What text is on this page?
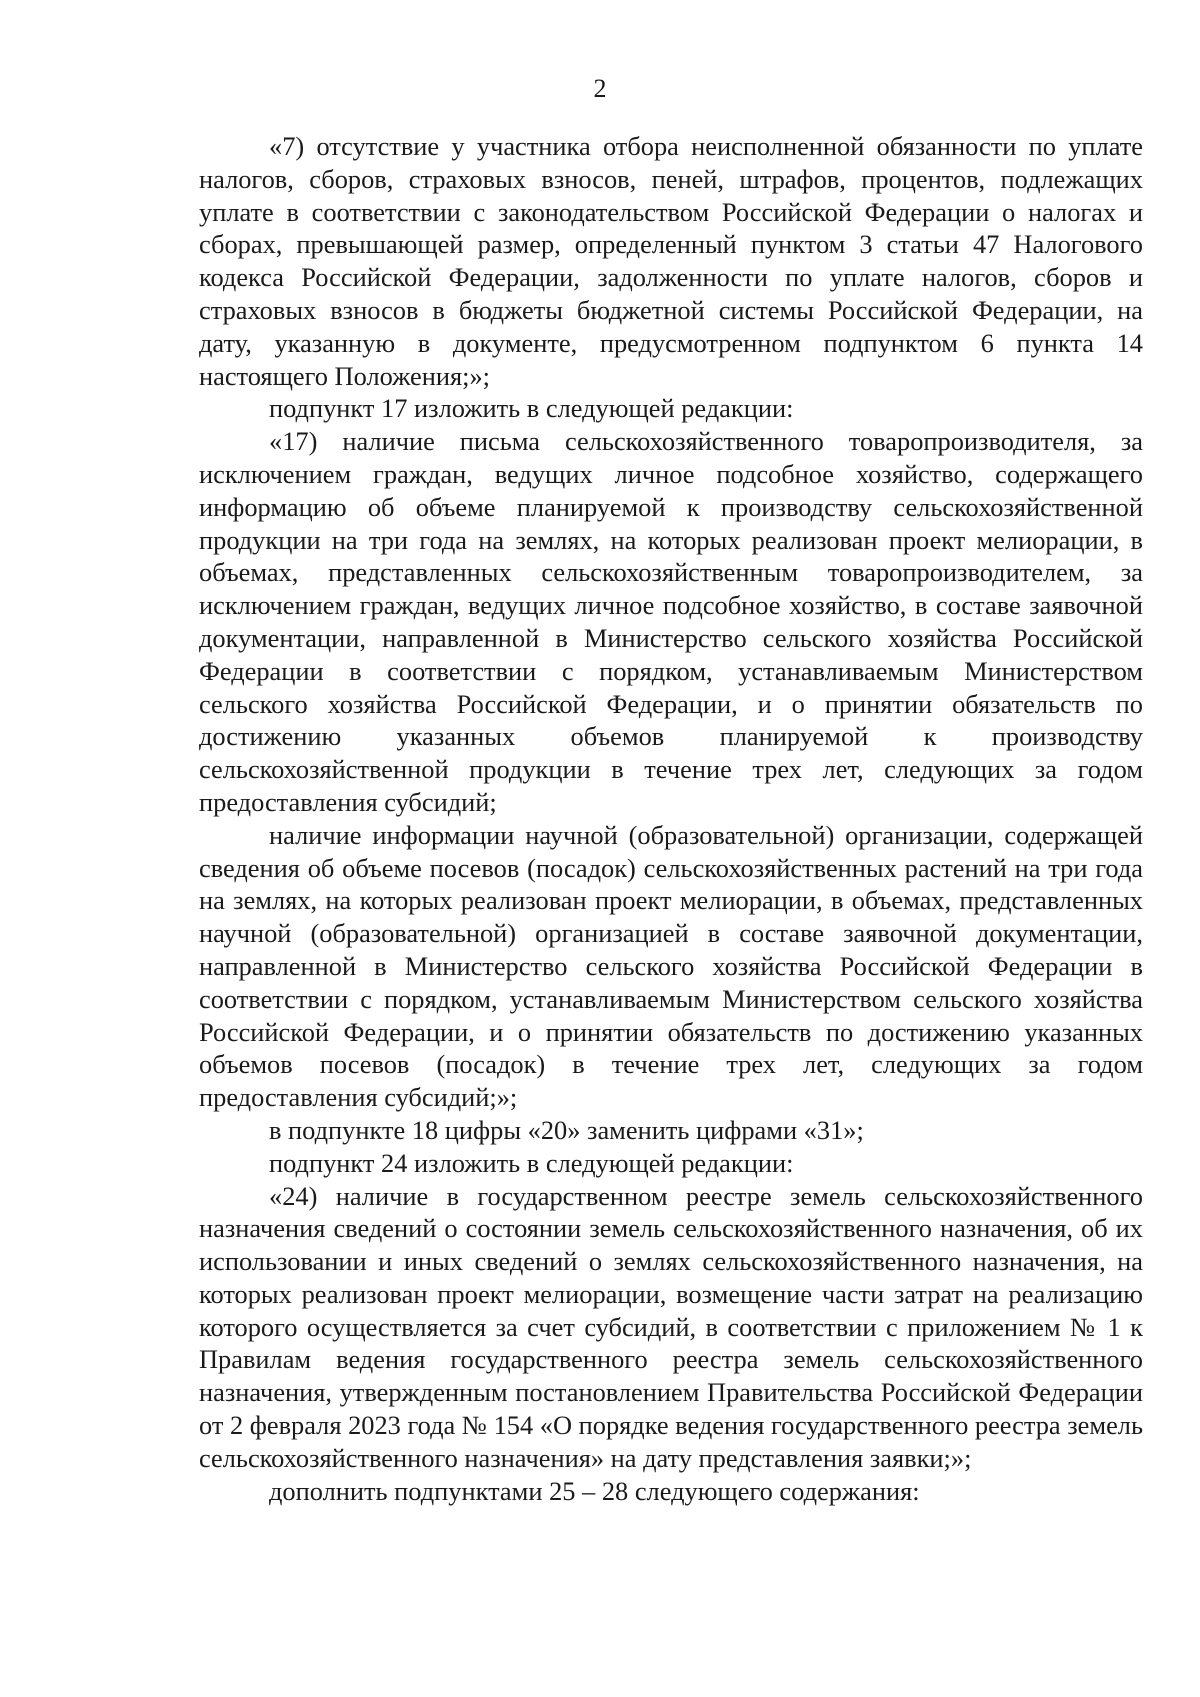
2

«7) отсутствие у участника отбора неисполненной обязанности по уплате налогов, сборов, страховых взносов, пеней, штрафов, процентов, подлежащих уплате в соответствии с законодательством Российской Федерации о налогах и сборах, превышающей размер, определенный пунктом 3 статьи 47 Налогового кодекса Российской Федерации, задолженности по уплате налогов, сборов и страховых взносов в бюджеты бюджетной системы Российской Федерации, на дату, указанную в документе, предусмотренном подпунктом 6 пункта 14 настоящего Положения;»;

подпункт 17 изложить в следующей редакции:

«17) наличие письма сельскохозяйственного товаропроизводителя, за исключением граждан, ведущих личное подсобное хозяйство, содержащего информацию об объеме планируемой к производству сельскохозяйственной продукции на три года на землях, на которых реализован проект мелиорации, в объемах, представленных сельскохозяйственным товаропроизводителем, за исключением граждан, ведущих личное подсобное хозяйство, в составе заявочной документации, направленной в Министерство сельского хозяйства Российской Федерации в соответствии с порядком, устанавливаемым Министерством сельского хозяйства Российской Федерации, и о принятии обязательств по достижению указанных объемов планируемой к производству сельскохозяйственной продукции в течение трех лет, следующих за годом предоставления субсидий;

наличие информации научной (образовательной) организации, содержащей сведения об объеме посевов (посадок) сельскохозяйственных растений на три года на землях, на которых реализован проект мелиорации, в объемах, представленных научной (образовательной) организацией в составе заявочной документации, направленной в Министерство сельского хозяйства Российской Федерации в соответствии с порядком, устанавливаемым Министерством сельского хозяйства Российской Федерации, и о принятии обязательств по достижению указанных объемов посевов (посадок) в течение трех лет, следующих за годом предоставления субсидий;»;

в подпункте 18 цифры «20» заменить цифрами «31»;

подпункт 24 изложить в следующей редакции:

«24) наличие в государственном реестре земель сельскохозяйственного назначения сведений о состоянии земель сельскохозяйственного назначения, об их использовании и иных сведений о землях сельскохозяйственного назначения, на которых реализован проект мелиорации, возмещение части затрат на реализацию которого осуществляется за счет субсидий, в соответствии с приложением № 1 к Правилам ведения государственного реестра земель сельскохозяйственного назначения, утвержденным постановлением Правительства Российской Федерации от 2 февраля 2023 года № 154 «О порядке ведения государственного реестра земель сельскохозяйственного назначения» на дату представления заявки;»;

дополнить подпунктами 25 – 28 следующего содержания:
